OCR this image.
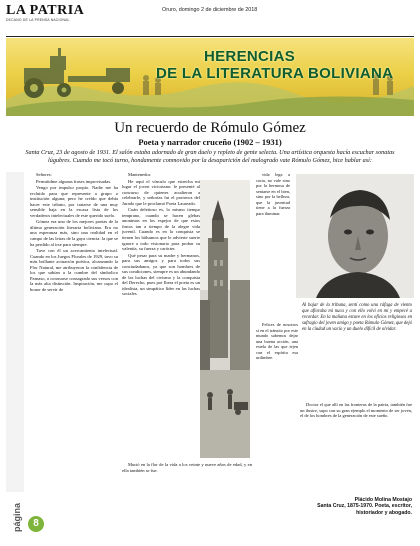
LA PATRIA
DECANO DE LA PRENSA NACIONAL
Oruro, domingo 2 de diciembre de 2018
HERENCIAS
DE LA LITERATURA BOLIVIANA
Un recuerdo de Rómulo Gómez
Poeta y narrador cruceño (1902 – 1931)
Santa Cruz, 23 de agosto de 1931. El salón estaba adornado de gran duelo y repleto de gente selecta. Una artística orquesta hacía escuchar sonatas lúgubres. Cuando me tocó turno, hondamente conmovido por la desaparición del malogrado vate Rómulo Gómez, hice hablar así:

Señores:

Permitidme algunas frases improvisadas.

Vengo por impulso propio. Nadie me ha recluido para que represente a grupo o institución alguna; pero he creído que debía hacer este tributo, por tratarse de una muy sensible baja en la escasa lista de los verdaderos intelectuales de este querido suelo.

Gómez era uno de los mejores poetas de la última generación literaria boliviana. Era no una esperanza más, sino una realidad en el campo de las letras de la gaya ciencia: la que se ha perdido al irse para siempre.

Tuve con él un acercamiento intelectual. Cuando en los Juegos Florales de 1929, tuvo su más brillante actuación poética, alcanzando la Flor Natural, me atribuyeron la confidencia de los que sabían a la cumbre del símbolico Parnaso, a coronarse consagrado sus versos con la más alta distinción. Inspiración, me cupo el honor de servir de

Mantenedor.

He aquí el vínculo que estrecha mi lugar el joven victoriano: le presenté al concurso de quienes acudieron a celebrarle, y señorías fui el portavoz del Jurado que le proclamó Poeta Laureado.

Cuán deleitoso es, lo mismo tiempo temprano, cuando se hacen glebas anonimas en los espejos de que estos frutos tan a tiempo de la alegre vida juvenil. Cuando es en la conquista se tienen los bálsamos que le advierte suerte ignore a todo visionario para probar su valentía, su fuerza y carácter.

Qué pesar para su madre y hermanos, para sus amigos y para todos sus conciudadanos, ya que son hombres de sus condiciones, siempre es un abundando de las luchas del civismo y la conquista del Derecho, pues por Ibera el poeta es un idealista, un simpático líder en las luchas sociales.

Murió en la flor de la vida a los veinte y nueve años de edad, y en ella también se fue.

vida lega a corta, no vale sino por la hermosa de sentarse en el bien, sino por la belleza, que la juventud tiene a la fuerza para iluminar.

Felices de nosotros si en el tránsito por este mundo sabemos dejar una buena acción, una estela de las que tejen con el espíritu esa urdimbre.

Al bajar de la tribuna, sentí como una ráfaga de viento que afloraba mi nuca y con ello volví en mí y empecé a recordar. En la mañana estuve en los oficios religiosos en sufragio del joven amigo y poeta Rómulo Gómez, que dejó en la ciudad un vacío y un duelo difícil de olvidar.

Doctor el que allí en las fronteras de la patria, también fue un ilustre, supo con su gran ejemplo el momento de ser joven, el de los hombres de la generación de este sueño.

Plácido Molina Mostajo
Santa Cruz, 1875-1970. Poeta, escritor, historiador y abogado.
página	8
